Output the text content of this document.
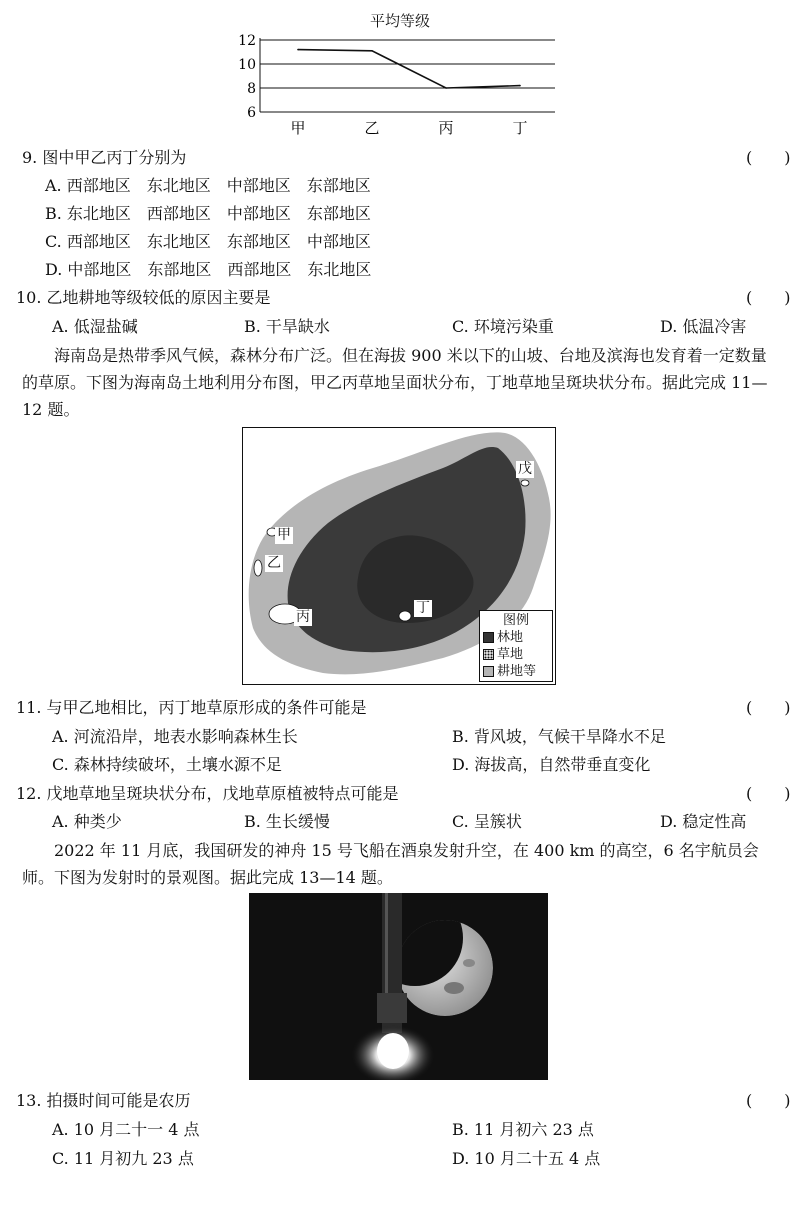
平均等级
6
8
10
12
甲	乙	丙	丁
9. 图中甲乙丙丁分别为	(　　)
A. 西部地区　东北地区　中部地区　东部地区
B. 东北地区　西部地区　中部地区　东部地区
C. 西部地区　东北地区　东部地区　中部地区
D. 中部地区　东部地区　西部地区　东北地区
10. 乙地耕地等级较低的原因主要是	(　　)
A. 低湿盐碱	B. 干旱缺水	C. 环境污染重	D. 低温冷害
海南岛是热带季风气候，森林分布广泛。但在海拔 900 米以下的山坡、台地及滨海也发育着一定数量的草原。下图为海南岛土地利用分布图，甲乙丙草地呈面状分布，丁地草地呈斑块状分布。据此完成 11—12 题。
甲
乙
丙
丁
戊
图例
林地
草地
耕地等
11. 与甲乙地相比，丙丁地草原形成的条件可能是	(　　)
A. 河流沿岸，地表水影响森林生长	B. 背风坡，气候干旱降水不足
C. 森林持续破坏，土壤水源不足	D. 海拔高，自然带垂直变化
12. 戊地草地呈斑块状分布，戊地草原植被特点可能是	(　　)
A. 种类少	B. 生长缓慢	C. 呈簇状	D. 稳定性高
2022 年 11 月底，我国研发的神舟 15 号飞船在酒泉发射升空，在 400 km 的高空，6 名宇航员会师。下图为发射时的景观图。据此完成 13—14 题。
13. 拍摄时间可能是农历	(　　)
A. 10 月二十一 4 点	B. 11 月初六 23 点
C. 11 月初九 23 点	D. 10 月二十五 4 点
